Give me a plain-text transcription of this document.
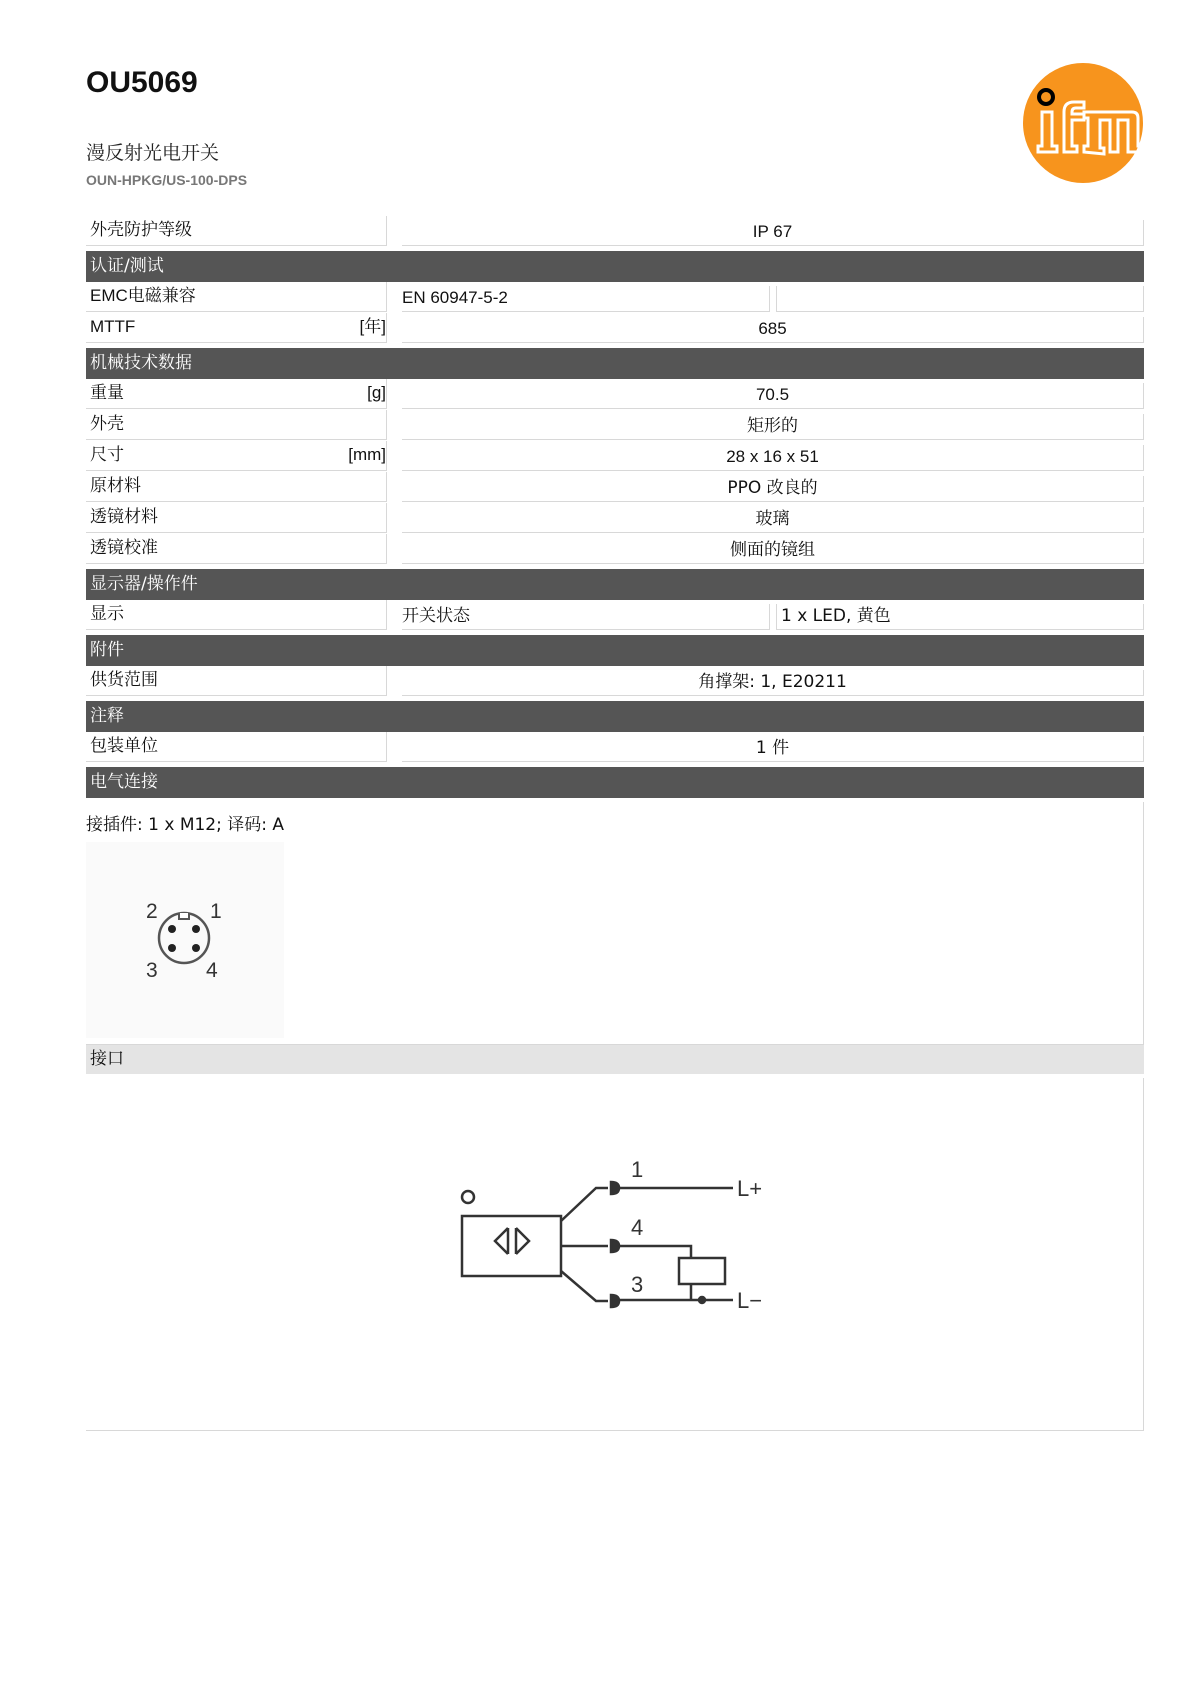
OU5069
漫反射光电开关
OUN-HPKG/US-100-DPS
外壳防护等级	IP 67
认证/测试
EMC电磁兼容	EN 60947-5-2
MTTF	[年]	685
机械技术数据
重量	[g]	70.5
外壳	矩形的
尺寸	[mm]	28 x 16 x 51
原材料	PPO 改良的
透镜材料	玻璃
透镜校准	侧面的镜组
显示器/操作件
显示	开关状态	1 x LED, 黄色
附件
供货范围	角撑架: 1, E20211
注释
包装单位	1 件
电气连接
接插件: 1 x M12; 译码: A
1
2
3 4
接口
1
4
3
L+
L−
